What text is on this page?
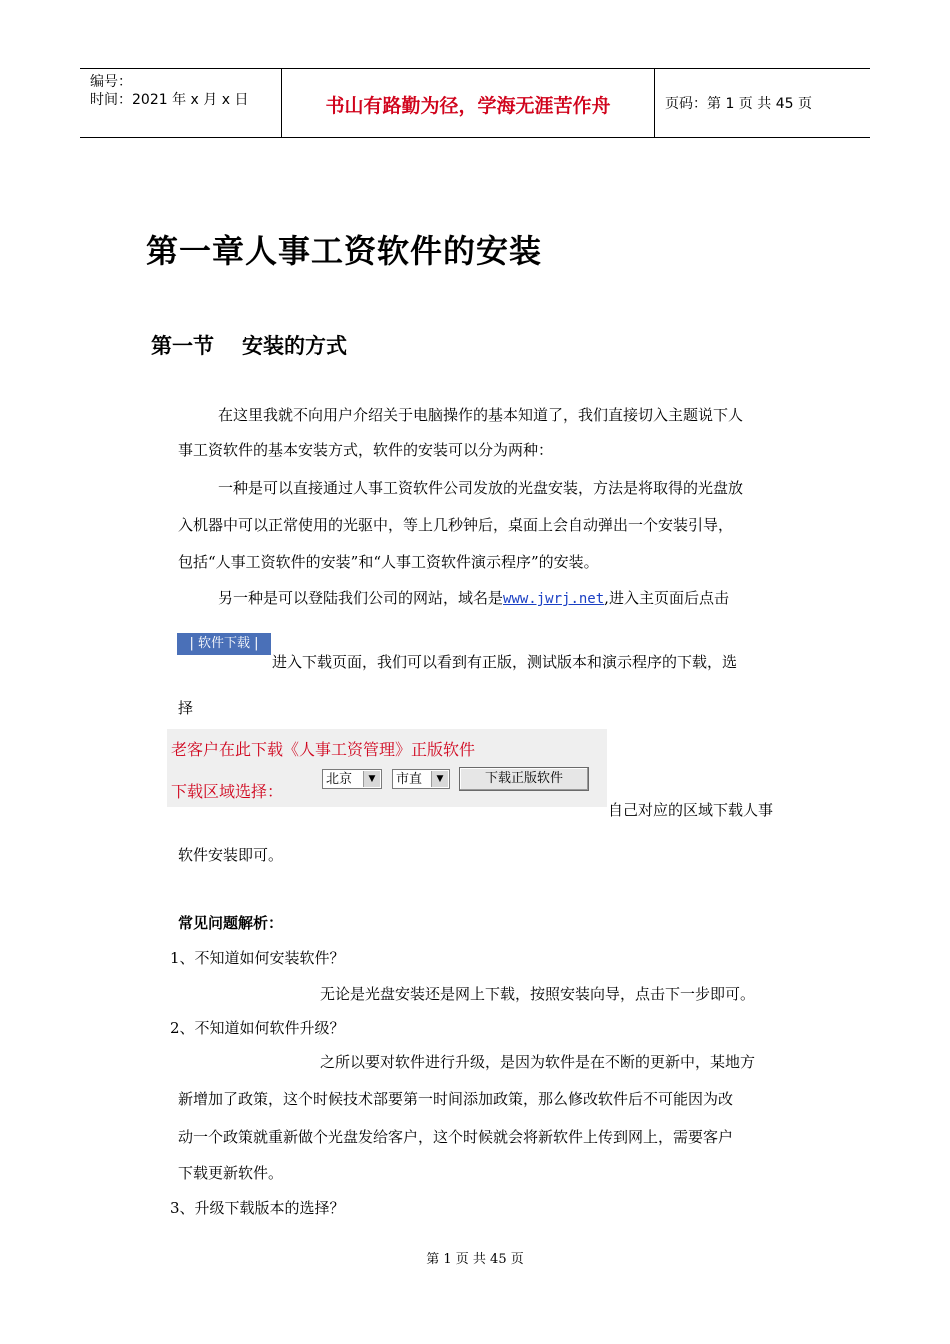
编号：
时间：2021 年 x 月 x 日	书山有路勤为径，学海无涯苦作舟	页码：第 1 页 共 45 页
第一章人事工资软件的安装
第一节 安装的方式
在这里我就不向用户介绍关于电脑操作的基本知道了，我们直接切入主题说下人
事工资软件的基本安装方式，软件的安装可以分为两种：
一种是可以直接通过人事工资软件公司发放的光盘安装，方法是将取得的光盘放
入机器中可以正常使用的光驱中，等上几秒钟后，桌面上会自动弹出一个安装引导，
包括“人事工资软件的安装”和“人事工资软件演示程序”的安装。
另一种是可以登陆我们公司的网站，域名是www.jwrj.net,进入主页面后点击
| 软件下载 |
进入下载页面，我们可以看到有正版，测试版本和演示程序的下载，选
择
老客户在此下载《人事工资管理》正版软件
下载区域选择：
北京	▼	市直	▼	下载正版软件
自己对应的区域下载人事
软件安装即可。
常见问题解析：
1、不知道如何安装软件？
无论是光盘安装还是网上下载，按照安装向导，点击下一步即可。
2、不知道如何软件升级？
之所以要对软件进行升级，是因为软件是在不断的更新中，某地方
新增加了政策，这个时候技术部要第一时间添加政策，那么修改软件后不可能因为改
动一个政策就重新做个光盘发给客户，这个时候就会将新软件上传到网上，需要客户
下载更新软件。
3、升级下载版本的选择？
第 1 页 共 45 页
